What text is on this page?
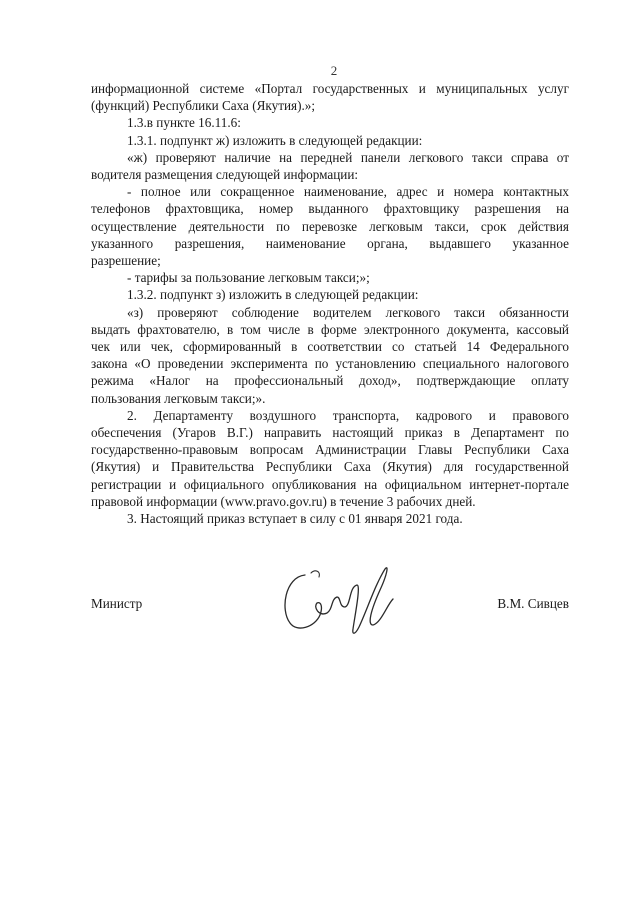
2
информационной системе «Портал государственных и муниципальных услуг
(функций) Республики Саха (Якутия).»;
1.3.в пункте 16.11.6:
1.3.1. подпункт ж) изложить в следующей редакции:
«ж) проверяют наличие на передней панели легкового такси справа от
водителя размещения следующей информации:
- полное или сокращенное наименование, адрес и номера контактных
телефонов фрахтовщика, номер выданного фрахтовщику разрешения на
осуществление деятельности по перевозке легковым такси, срок действия
указанного разрешения, наименование органа, выдавшего указанное
разрешение;
- тарифы за пользование легковым такси;»;
1.3.2. подпункт з) изложить в следующей редакции:
«з) проверяют соблюдение водителем легкового такси обязанности
выдать фрахтователю, в том числе в форме электронного документа, кассовый
чек или чек, сформированный в соответствии со статьей 14 Федерального
закона «О проведении эксперимента по установлению специального налогового
режима «Налог на профессиональный доход», подтверждающие оплату
пользования легковым такси;».
2. Департаменту воздушного транспорта, кадрового и правового
обеспечения (Угаров В.Г.) направить настоящий приказ в Департамент по
государственно-правовым вопросам Администрации Главы Республики Саха
(Якутия) и Правительства Республики Саха (Якутия) для государственной
регистрации и официального опубликования на официальном интернет-портале
правовой информации (www.pravo.gov.ru) в течение 3 рабочих дней.
3. Настоящий приказ вступает в силу с 01 января 2021 года.
Министр	В.М. Сивцев
